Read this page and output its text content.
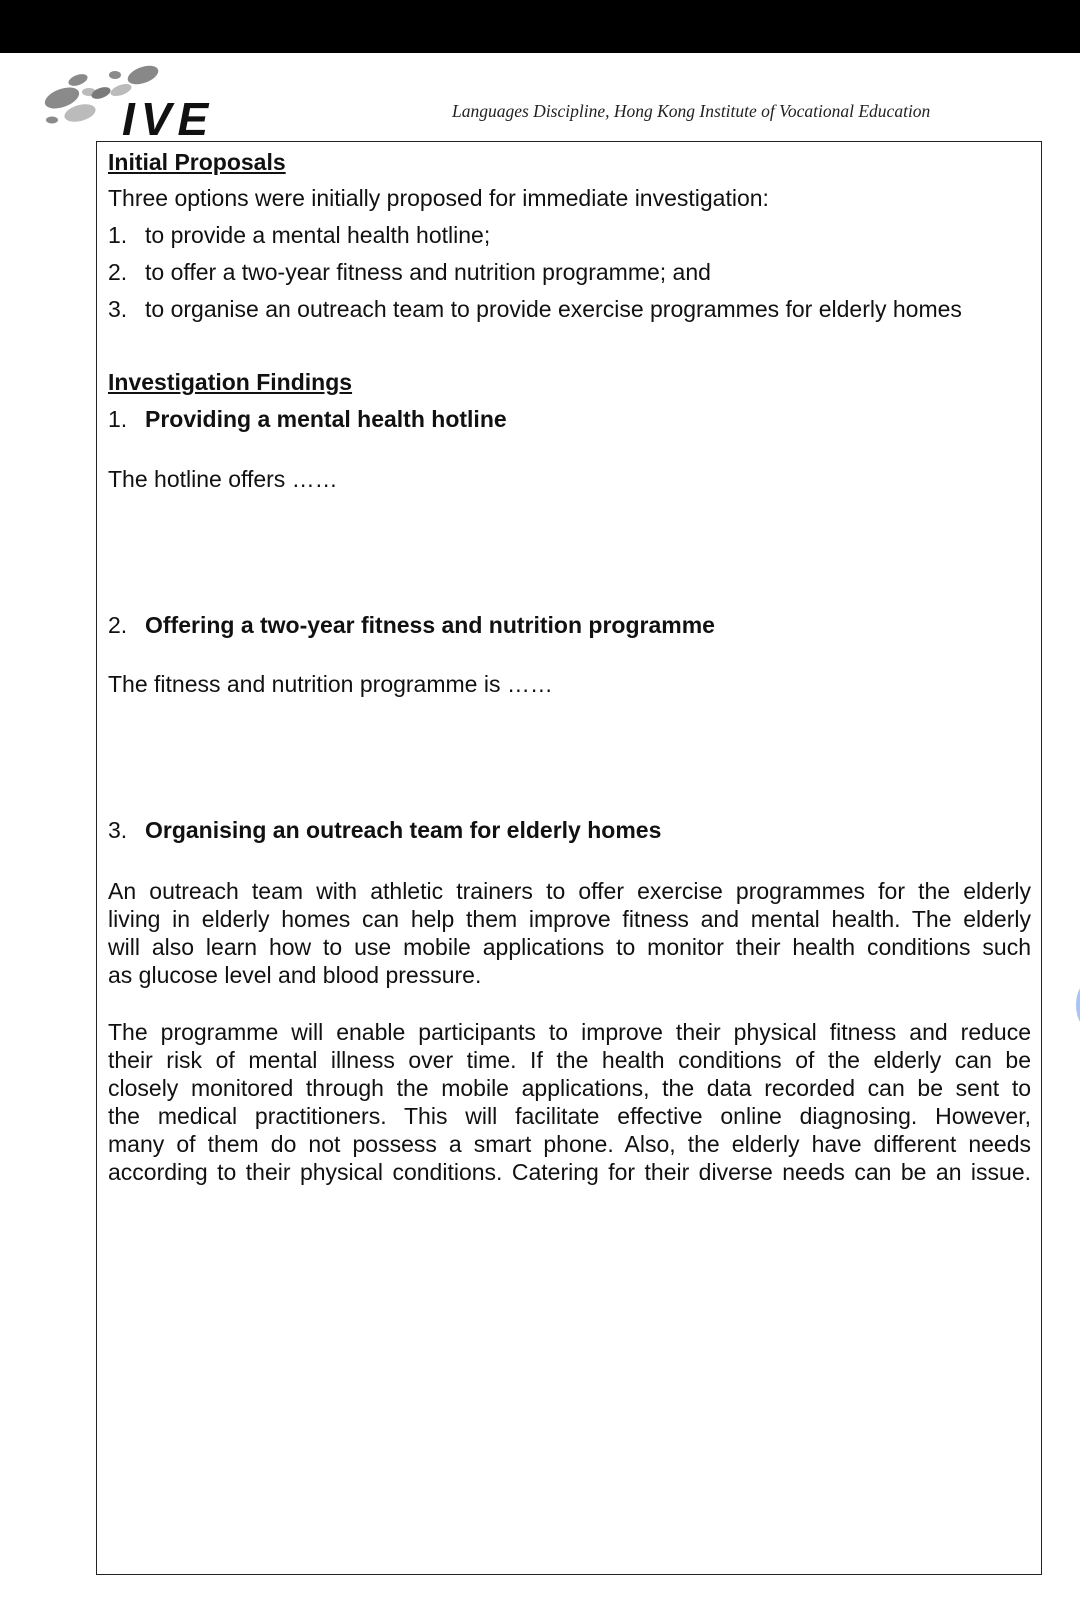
IVE	Languages Discipline, Hong Kong Institute of Vocational Education
Initial Proposals
Three options were initially proposed for immediate investigation:
1. to provide a mental health hotline;
2. to offer a two-year fitness and nutrition programme; and
3. to organise an outreach team to provide exercise programmes for elderly homes
Investigation Findings
1. Providing a mental health hotline
The hotline offers ……
2. Offering a two-year fitness and nutrition programme
The fitness and nutrition programme is ……
3. Organising an outreach team for elderly homes
An outreach team with athletic trainers to offer exercise programmes for the elderly
living in elderly homes can help them improve fitness and mental health. The elderly
will also learn how to use mobile applications to monitor their health conditions such
as glucose level and blood pressure.
The programme will enable participants to improve their physical fitness and reduce
their risk of mental illness over time. If the health conditions of the elderly can be
closely monitored through the mobile applications, the data recorded can be sent to
the medical practitioners. This will facilitate effective online diagnosing. However,
many of them do not possess a smart phone. Also, the elderly have different needs
according to their physical conditions. Catering for their diverse needs can be an issue.
